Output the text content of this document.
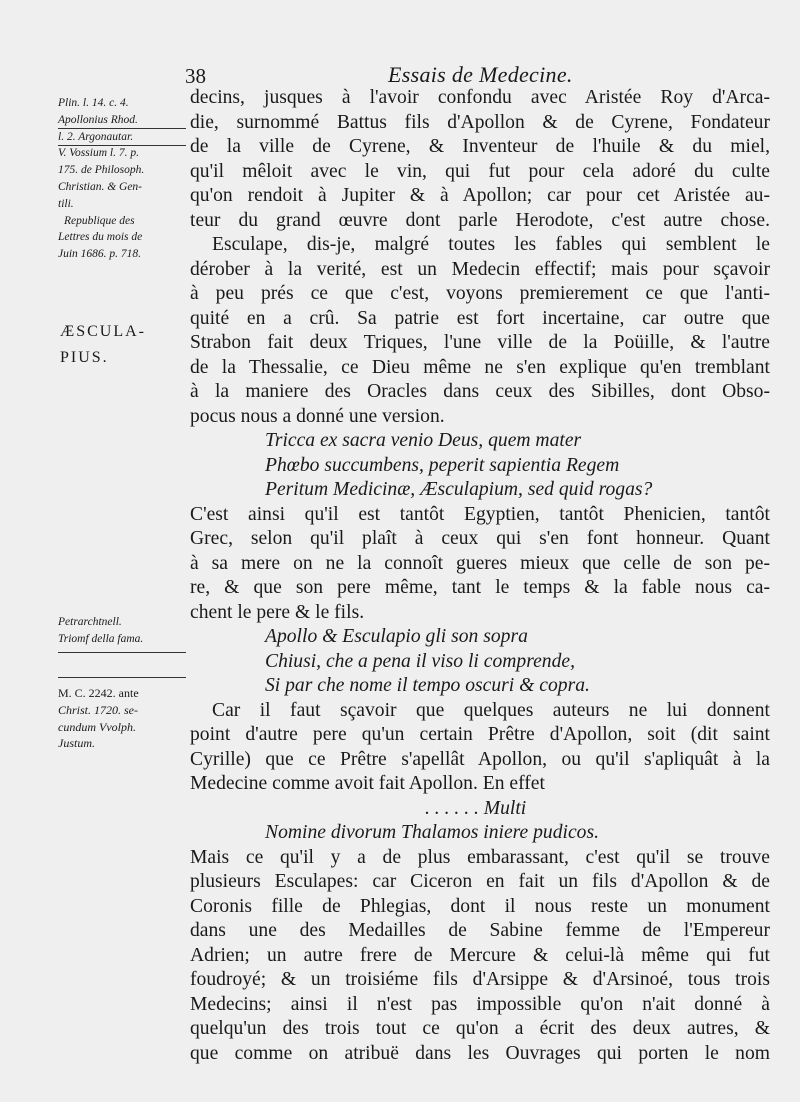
38	Essais de Medecine.
Plin. l. 14. c. 4.
Apollonius Rhod.
l. 2. Argonautar.
V. Vossium l. 7. p.
175. de Philosoph.
Christian. & Gen-
tili.
Republique des
Lettres du mois de
Juin 1686. p. 718.
ÆSCULA-
PIUS.
Petrarchtnell.
Triomf della fama.
M. C. 2242. ante
Christ. 1720. se-
cundum Vvolph.
Justum.
decins, jusques à l'avoir confondu avec Aristée Roy d'Arca-
die, surnommé Battus fils d'Apollon & de Cyrene, Fondateur
de la ville de Cyrene, & Inventeur de l'huile & du miel,
qu'il mêloit avec le vin, qui fut pour cela adoré du culte
qu'on rendoit à Jupiter & à Apollon; car pour cet Aristée au-
teur du grand œuvre dont parle Herodote, c'est autre chose.
Esculape, dis-je, malgré toutes les fables qui semblent le
dérober à la verité, est un Medecin effectif; mais pour sçavoir
à peu prés ce que c'est, voyons premierement ce que l'anti-
quité en a crû. Sa patrie est fort incertaine, car outre que
Strabon fait deux Triques, l'une ville de la Poüille, & l'autre
de la Thessalie, ce Dieu même ne s'en explique qu'en tremblant
à la maniere des Oracles dans ceux des Sibilles, dont Obso-
pocus nous a donné une version.
Tricca ex sacra venio Deus, quem mater
Phœbo succumbens, peperit sapientia Regem
Peritum Medicinæ, Æsculapium, sed quid rogas?
C'est ainsi qu'il est tantôt Egyptien, tantôt Phenicien, tantôt
Grec, selon qu'il plaît à ceux qui s'en font honneur. Quant
à sa mere on ne la connoît gueres mieux que celle de son pe-
re, & que son pere même, tant le temps & la fable nous ca-
chent le pere & le fils.
Apollo & Esculapio gli son sopra
Chiusi, che a pena il viso li comprende,
Si par che nome il tempo oscuri & copra.
Car il faut sçavoir que quelques auteurs ne lui donnent
point d'autre pere qu'un certain Prêtre d'Apollon, soit (dit saint
Cyrille) que ce Prêtre s'apellât Apollon, ou qu'il s'apliquât à la
Medecine comme avoit fait Apollon. En effet
. . . . . . Multi
Nomine divorum Thalamos iniere pudicos.
Mais ce qu'il y a de plus embarassant, c'est qu'il se trouve
plusieurs Esculapes: car Ciceron en fait un fils d'Apollon & de
Coronis fille de Phlegias, dont il nous reste un monument
dans une des Medailles de Sabine femme de l'Empereur
Adrien; un autre frere de Mercure & celui-là même qui fut
foudroyé; & un troisiéme fils d'Arsippe & d'Arsinoé, tous trois
Medecins; ainsi il n'est pas impossible qu'on n'ait donné à
quelqu'un des trois tout ce qu'on a écrit des deux autres, &
que comme on atribuë dans les Ouvrages qui porten le nom
